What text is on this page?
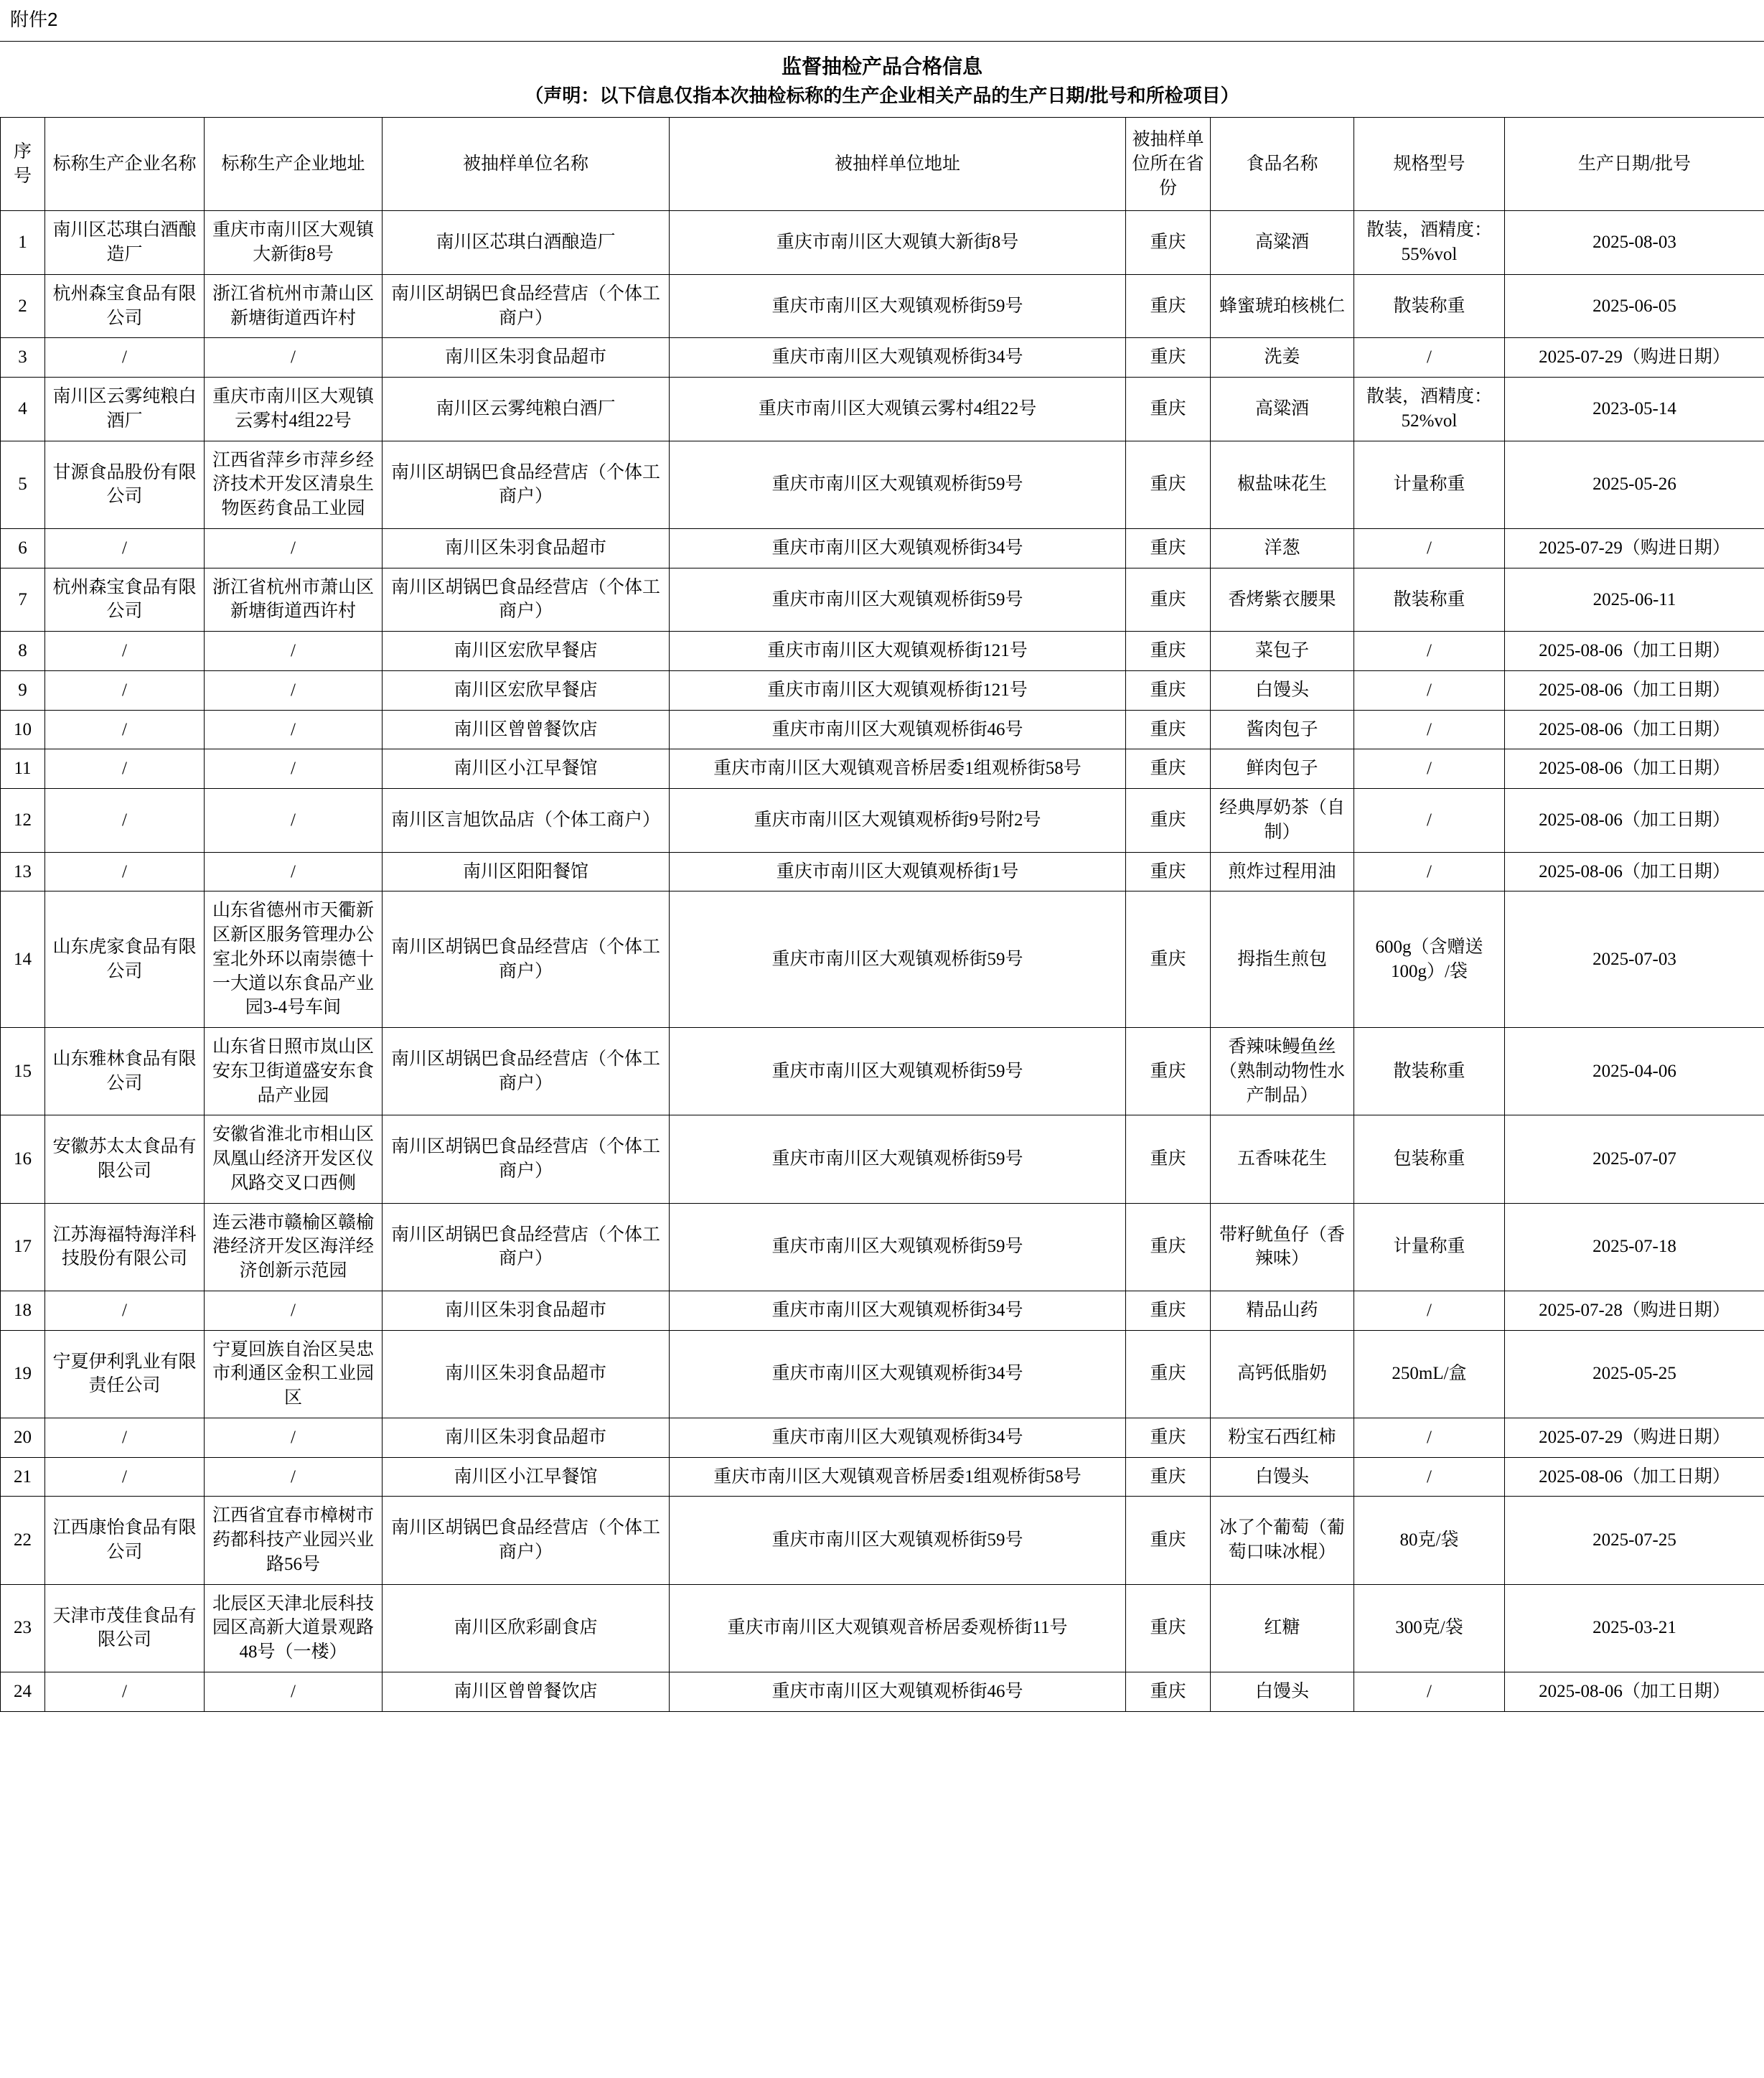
附件2
监督抽检产品合格信息
（声明：以下信息仅指本次抽检标称的生产企业相关产品的生产日期/批号和所检项目）
序号	标称生产企业名称	标称生产企业地址	被抽样单位名称	被抽样单位地址	被抽样单位所在省份	食品名称	规格型号	生产日期/批号
1	南川区芯琪白酒酿造厂	重庆市南川区大观镇大新街8号	南川区芯琪白酒酿造厂	重庆市南川区大观镇大新街8号	重庆	高粱酒	散装，酒精度：55%vol	2025-08-03
2	杭州森宝食品有限公司	浙江省杭州市萧山区新塘街道西许村	南川区胡锅巴食品经营店（个体工商户）	重庆市南川区大观镇观桥街59号	重庆	蜂蜜琥珀核桃仁	散装称重	2025-06-05
3	/	/	南川区朱羽食品超市	重庆市南川区大观镇观桥街34号	重庆	洗姜	/	2025-07-29（购进日期）
4	南川区云雾纯粮白酒厂	重庆市南川区大观镇云雾村4组22号	南川区云雾纯粮白酒厂	重庆市南川区大观镇云雾村4组22号	重庆	高粱酒	散装，酒精度：52%vol	2023-05-14
5	甘源食品股份有限公司	江西省萍乡市萍乡经济技术开发区清泉生物医药食品工业园	南川区胡锅巴食品经营店（个体工商户）	重庆市南川区大观镇观桥街59号	重庆	椒盐味花生	计量称重	2025-05-26
6	/	/	南川区朱羽食品超市	重庆市南川区大观镇观桥街34号	重庆	洋葱	/	2025-07-29（购进日期）
7	杭州森宝食品有限公司	浙江省杭州市萧山区新塘街道西许村	南川区胡锅巴食品经营店（个体工商户）	重庆市南川区大观镇观桥街59号	重庆	香烤紫衣腰果	散装称重	2025-06-11
8	/	/	南川区宏欣早餐店	重庆市南川区大观镇观桥街121号	重庆	菜包子	/	2025-08-06（加工日期）
9	/	/	南川区宏欣早餐店	重庆市南川区大观镇观桥街121号	重庆	白馒头	/	2025-08-06（加工日期）
10	/	/	南川区曾曾餐饮店	重庆市南川区大观镇观桥街46号	重庆	酱肉包子	/	2025-08-06（加工日期）
11	/	/	南川区小江早餐馆	重庆市南川区大观镇观音桥居委1组观桥街58号	重庆	鲜肉包子	/	2025-08-06（加工日期）
12	/	/	南川区言旭饮品店（个体工商户）	重庆市南川区大观镇观桥街9号附2号	重庆	经典厚奶茶（自制）	/	2025-08-06（加工日期）
13	/	/	南川区阳阳餐馆	重庆市南川区大观镇观桥街1号	重庆	煎炸过程用油	/	2025-08-06（加工日期）
14	山东虎家食品有限公司	山东省德州市天衢新区新区服务管理办公室北外环以南崇德十一大道以东食品产业园3-4号车间	南川区胡锅巴食品经营店（个体工商户）	重庆市南川区大观镇观桥街59号	重庆	拇指生煎包	600g（含赠送100g）/袋	2025-07-03
15	山东雅林食品有限公司	山东省日照市岚山区安东卫街道盛安东食品产业园	南川区胡锅巴食品经营店（个体工商户）	重庆市南川区大观镇观桥街59号	重庆	香辣味鳗鱼丝（熟制动物性水产制品）	散装称重	2025-04-06
16	安徽苏太太食品有限公司	安徽省淮北市相山区凤凰山经济开发区仪风路交叉口西侧	南川区胡锅巴食品经营店（个体工商户）	重庆市南川区大观镇观桥街59号	重庆	五香味花生	包装称重	2025-07-07
17	江苏海福特海洋科技股份有限公司	连云港市赣榆区赣榆港经济开发区海洋经济创新示范园	南川区胡锅巴食品经营店（个体工商户）	重庆市南川区大观镇观桥街59号	重庆	带籽鱿鱼仔（香辣味）	计量称重	2025-07-18
18	/	/	南川区朱羽食品超市	重庆市南川区大观镇观桥街34号	重庆	精品山药	/	2025-07-28（购进日期）
19	宁夏伊利乳业有限责任公司	宁夏回族自治区吴忠市利通区金积工业园区	南川区朱羽食品超市	重庆市南川区大观镇观桥街34号	重庆	高钙低脂奶	250mL/盒	2025-05-25
20	/	/	南川区朱羽食品超市	重庆市南川区大观镇观桥街34号	重庆	粉宝石西红柿	/	2025-07-29（购进日期）
21	/	/	南川区小江早餐馆	重庆市南川区大观镇观音桥居委1组观桥街58号	重庆	白馒头	/	2025-08-06（加工日期）
22	江西康怡食品有限公司	江西省宜春市樟树市药都科技产业园兴业路56号	南川区胡锅巴食品经营店（个体工商户）	重庆市南川区大观镇观桥街59号	重庆	冰了个葡萄（葡萄口味冰棍）	80克/袋	2025-07-25
23	天津市茂佳食品有限公司	北辰区天津北辰科技园区高新大道景观路48号（一楼）	南川区欣彩副食店	重庆市南川区大观镇观音桥居委观桥街11号	重庆	红糖	300克/袋	2025-03-21
24	/	/	南川区曾曾餐饮店	重庆市南川区大观镇观桥街46号	重庆	白馒头	/	2025-08-06（加工日期）
